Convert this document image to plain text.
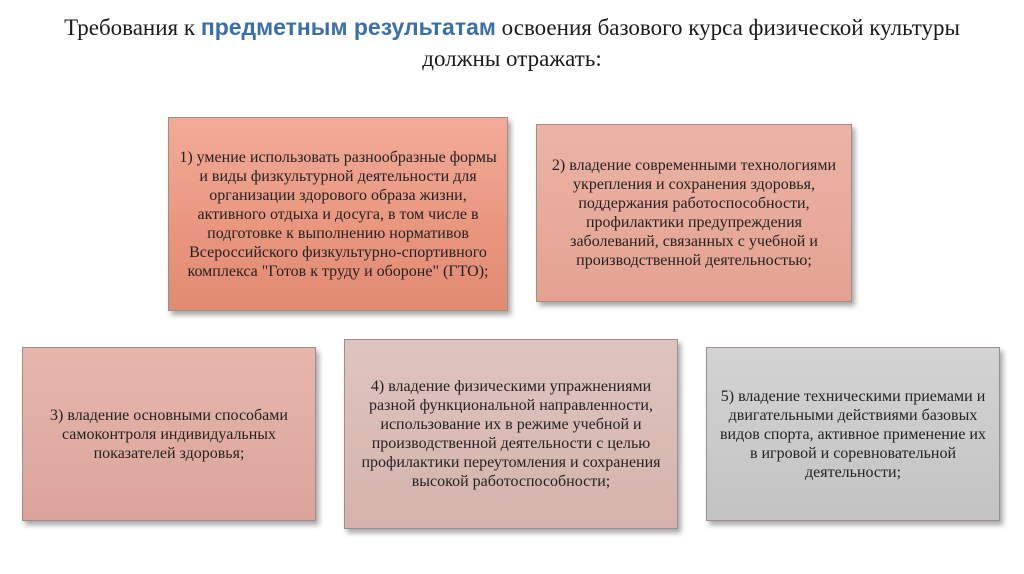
Требования к предметным результатам освоения базового курса физической культуры должны отражать:
1) умение использовать разнообразные формы и виды физкультурной деятельности для организации здорового образа жизни, активного отдыха и досуга, в том числе в подготовке к выполнению нормативов Всероссийского физкультурно-спортивного комплекса "Готов к труду и обороне" (ГТО);
2) владение современными технологиями укрепления и сохранения здоровья, поддержания работоспособности, профилактики предупреждения заболеваний, связанных с учебной и производственной деятельностью;
3) владение основными способами самоконтроля индивидуальных показателей здоровья;
4) владение физическими упражнениями разной функциональной направленности, использование их в режиме учебной и производственной деятельности с целью профилактики переутомления и сохранения высокой работоспособности;
5) владение техническими приемами и двигательными действиями базовых видов спорта, активное применение их в игровой и соревновательной деятельности;
